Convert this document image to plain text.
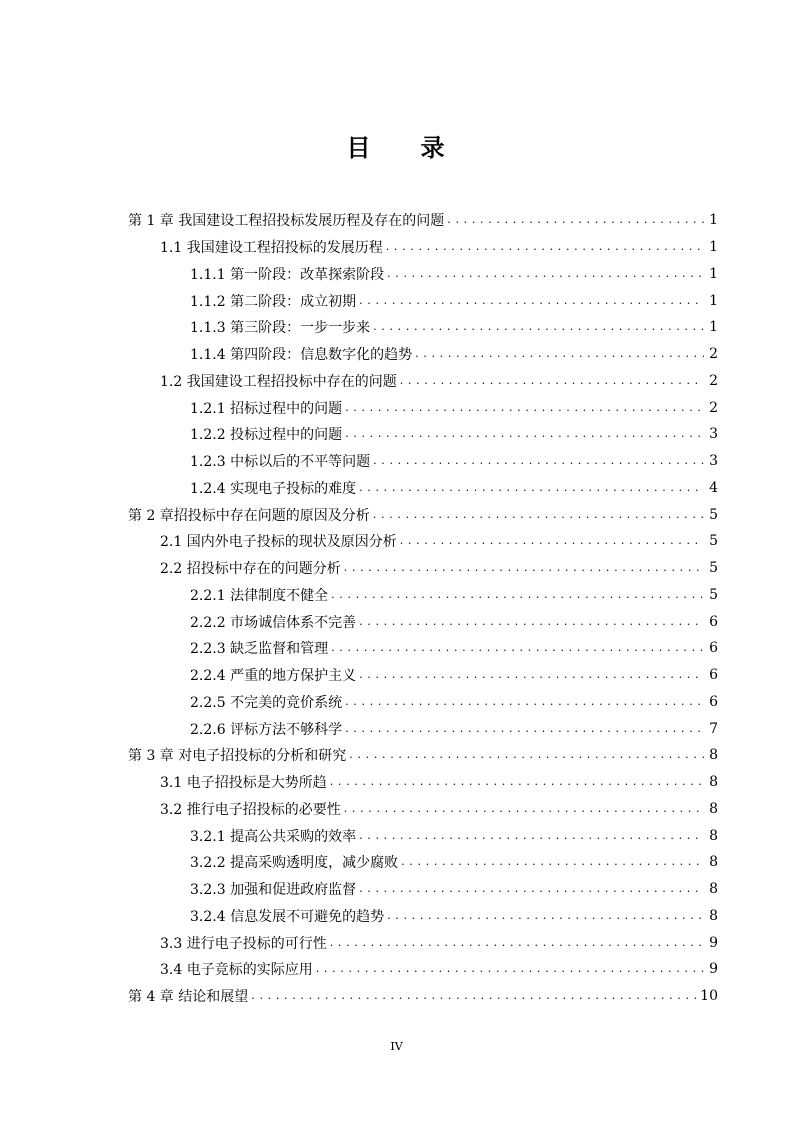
目 录
第 1 章 我国建设工程招投标发展历程及存在的问题 . . .	1
1.1 我国建设工程招投标的发展历程 . . .	1
1.1.1 第一阶段：改革探索阶段 . . .	1
1.1.2 第二阶段：成立初期 . . .	1
1.1.3 第三阶段：一步一步来 . . .	1
1.1.4 第四阶段：信息数字化的趋势 . . .	2
1.2 我国建设工程招投标中存在的问题 . . .	2
1.2.1 招标过程中的问题 . . .	2
1.2.2 投标过程中的问题 . . .	3
1.2.3 中标以后的不平等问题 . . .	3
1.2.4 实现电子投标的难度 . . .	4
第 2 章招投标中存在问题的原因及分析 . . .	5
2.1 国内外电子投标的现状及原因分析 . . .	5
2.2 招投标中存在的问题分析 . . .	5
2.2.1 法律制度不健全 . . .	5
2.2.2 市场诚信体系不完善 . . .	6
2.2.3 缺乏监督和管理 . . .	6
2.2.4 严重的地方保护主义 . . .	6
2.2.5 不完美的竞价系统 . . .	6
2.2.6 评标方法不够科学 . . .	7
第 3 章 对电子招投标的分析和研究 . . .	8
3.1 电子招投标是大势所趋 . . .	8
3.2 推行电子招投标的必要性 . . .	8
3.2.1 提高公共采购的效率 . . .	8
3.2.2 提高采购透明度，减少腐败 . . .	8
3.2.3 加强和促进政府监督 . . .	8
3.2.4 信息发展不可避免的趋势 . . .	8
3.3 进行电子投标的可行性 . . .	9
3.4 电子竞标的实际应用 . . .	9
第 4 章 结论和展望 . . .	10
IV
